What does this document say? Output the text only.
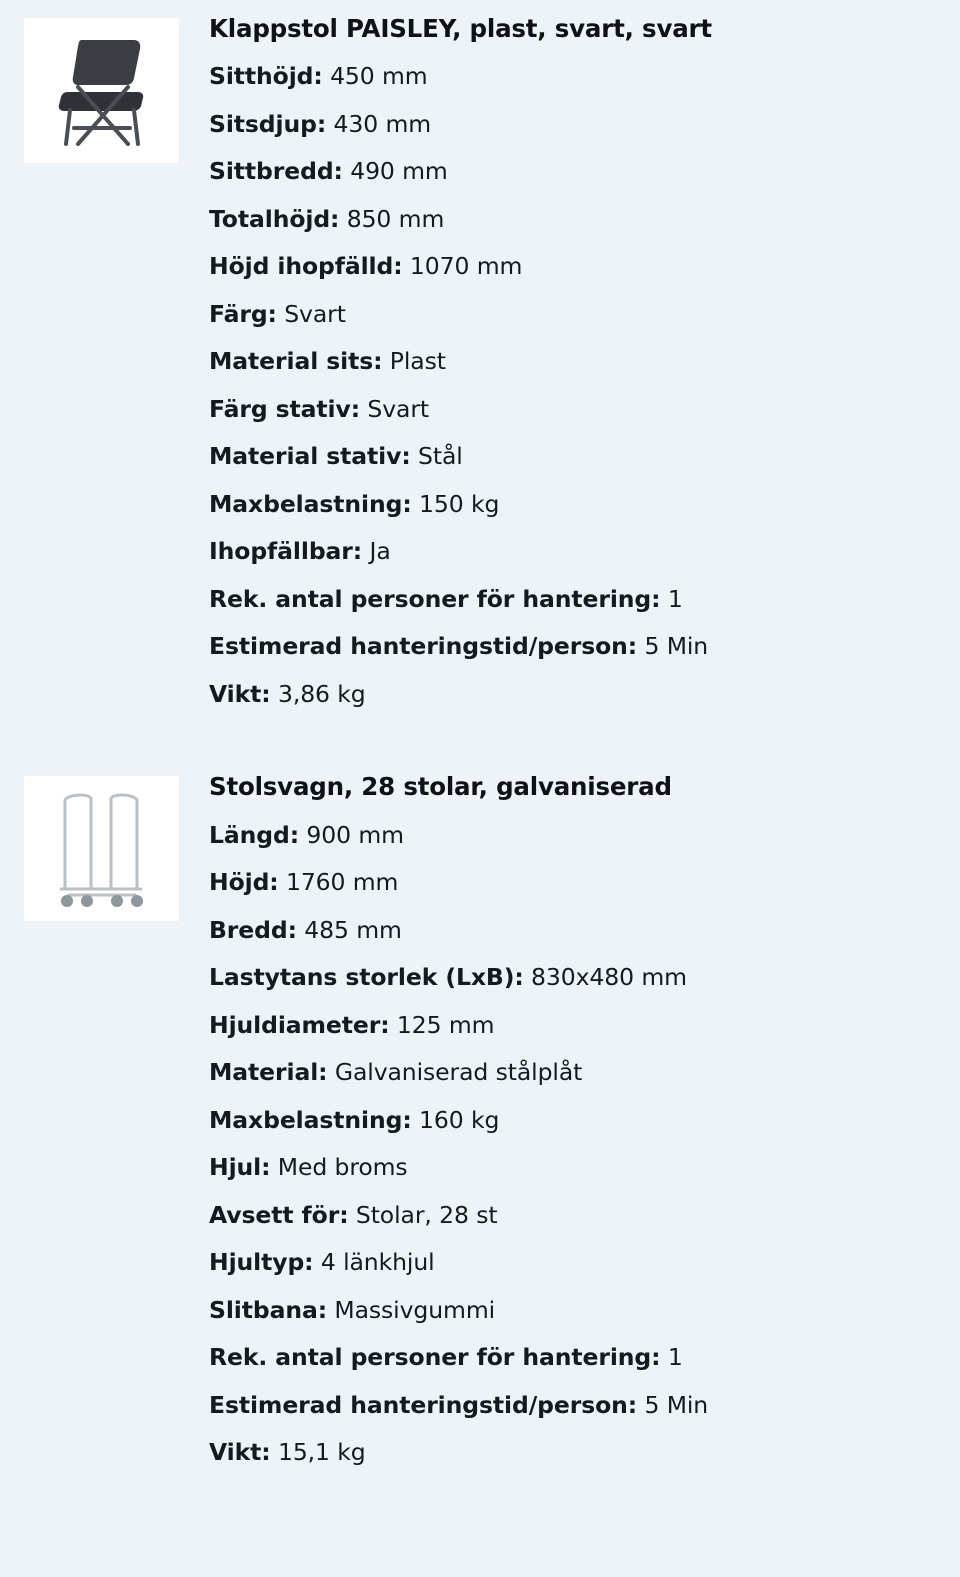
Klappstol PAISLEY, plast, svart, svart

Sitthöjd: 450 mm

Sitsdjup: 430 mm

Sittbredd: 490 mm

Totalhöjd: 850 mm

Höjd ihopfälld: 1070 mm

Färg: Svart

Material sits: Plast

Färg stativ: Svart

Material stativ: Stål

Maxbelastning: 150 kg

Ihopfällbar: Ja

Rek. antal personer för hantering: 1

Estimerad hanteringstid/person: 5 Min

Vikt: 3,86 kg

Stolsvagn, 28 stolar, galvaniserad

Längd: 900 mm

Höjd: 1760 mm

Bredd: 485 mm

Lastytans storlek (LxB): 830x480 mm

Hjuldiameter: 125 mm

Material: Galvaniserad stålplåt

Maxbelastning: 160 kg

Hjul: Med broms

Avsett för: Stolar, 28 st

Hjultyp: 4 länkhjul

Slitbana: Massivgummi

Rek. antal personer för hantering: 1

Estimerad hanteringstid/person: 5 Min

Vikt: 15,1 kg
